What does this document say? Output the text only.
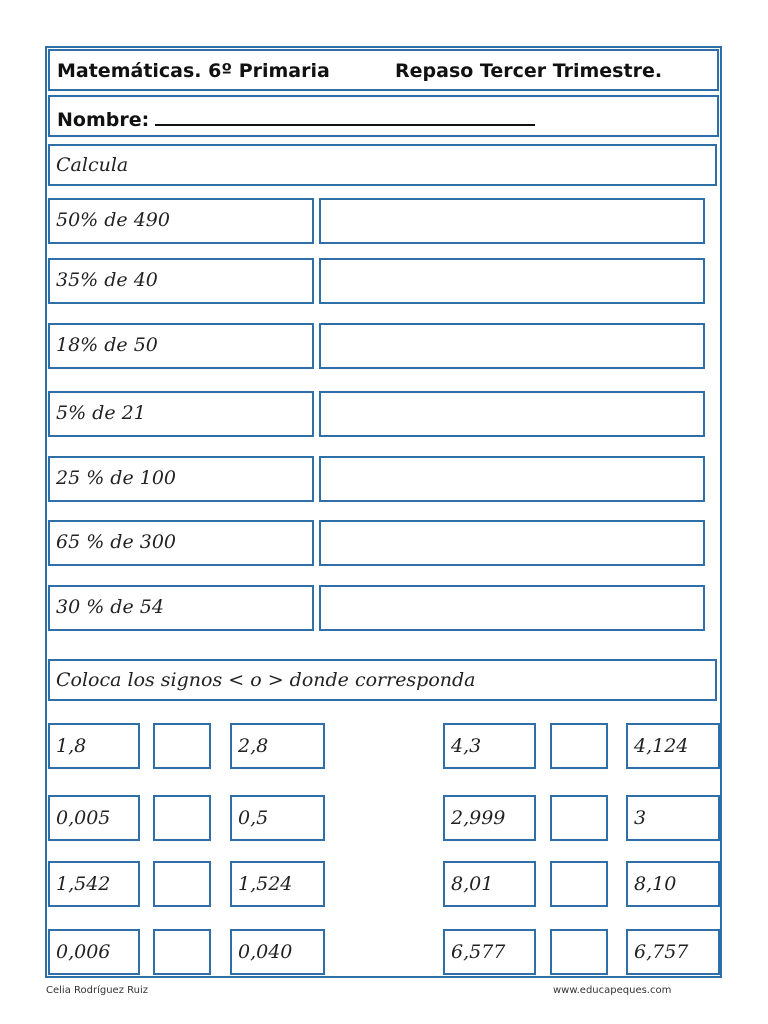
Matemáticas. 6º Primaria	Repaso Tercer Trimestre.
Nombre:
Calcula
50% de 490
35% de 40
18% de 50
5% de 21
25 % de 100
65 % de 300
30 % de 54
Coloca los signos < o > donde corresponda
1,8	2,8	4,3	4,124
0,005	0,5	2,999	3
1,542	1,524	8,01	8,10
0,006	0,040	6,577	6,757
Celia Rodríguez Ruiz	www.educapeques.com
